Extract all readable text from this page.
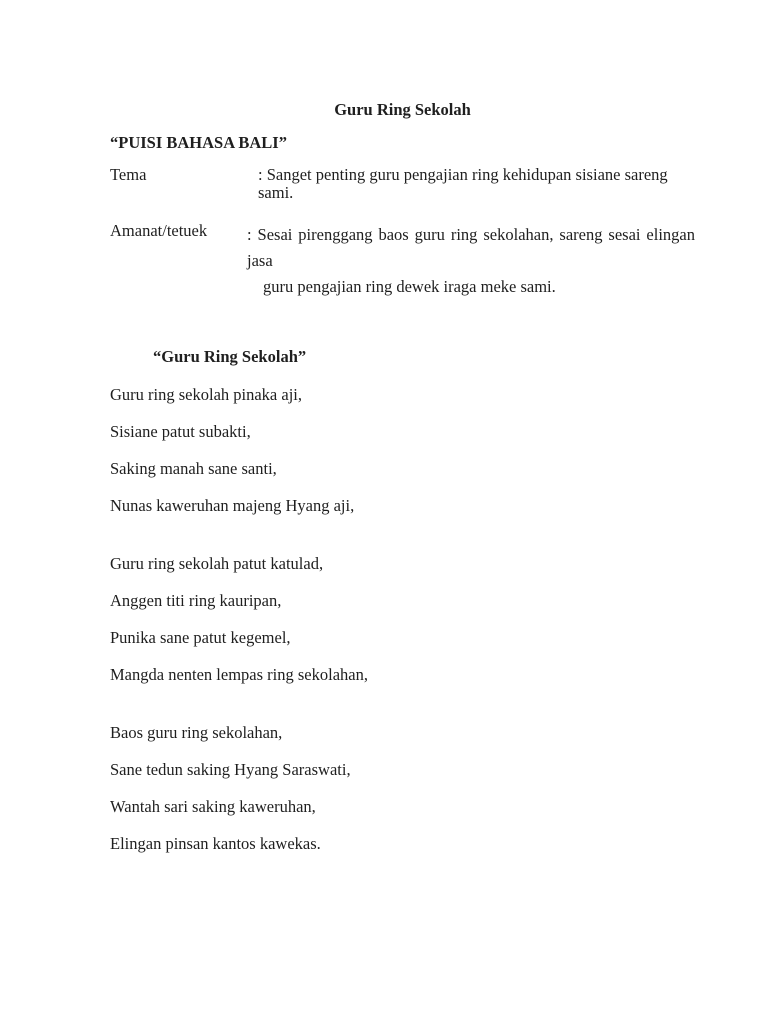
Guru Ring Sekolah
“PUISI BAHASA BALI”
Tema	: Sanget penting guru pengajian ring kehidupan sisiane sareng sami.
Amanat/tetuek	: Sesai pirenggang baos guru ring sekolahan, sareng sesai elingan jasa
guru pengajian ring dewek iraga meke sami.
“Guru Ring Sekolah”

Guru ring sekolah pinaka aji,

Sisiane patut subakti,

Saking manah sane santi,

Nunas kaweruhan majeng Hyang aji,

Guru ring sekolah patut katulad,

Anggen titi ring kauripan,

Punika sane patut kegemel,

Mangda nenten lempas ring sekolahan,

Baos guru ring sekolahan,

Sane tedun saking Hyang Saraswati,

Wantah sari saking kaweruhan,

Elingan pinsan kantos kawekas.
